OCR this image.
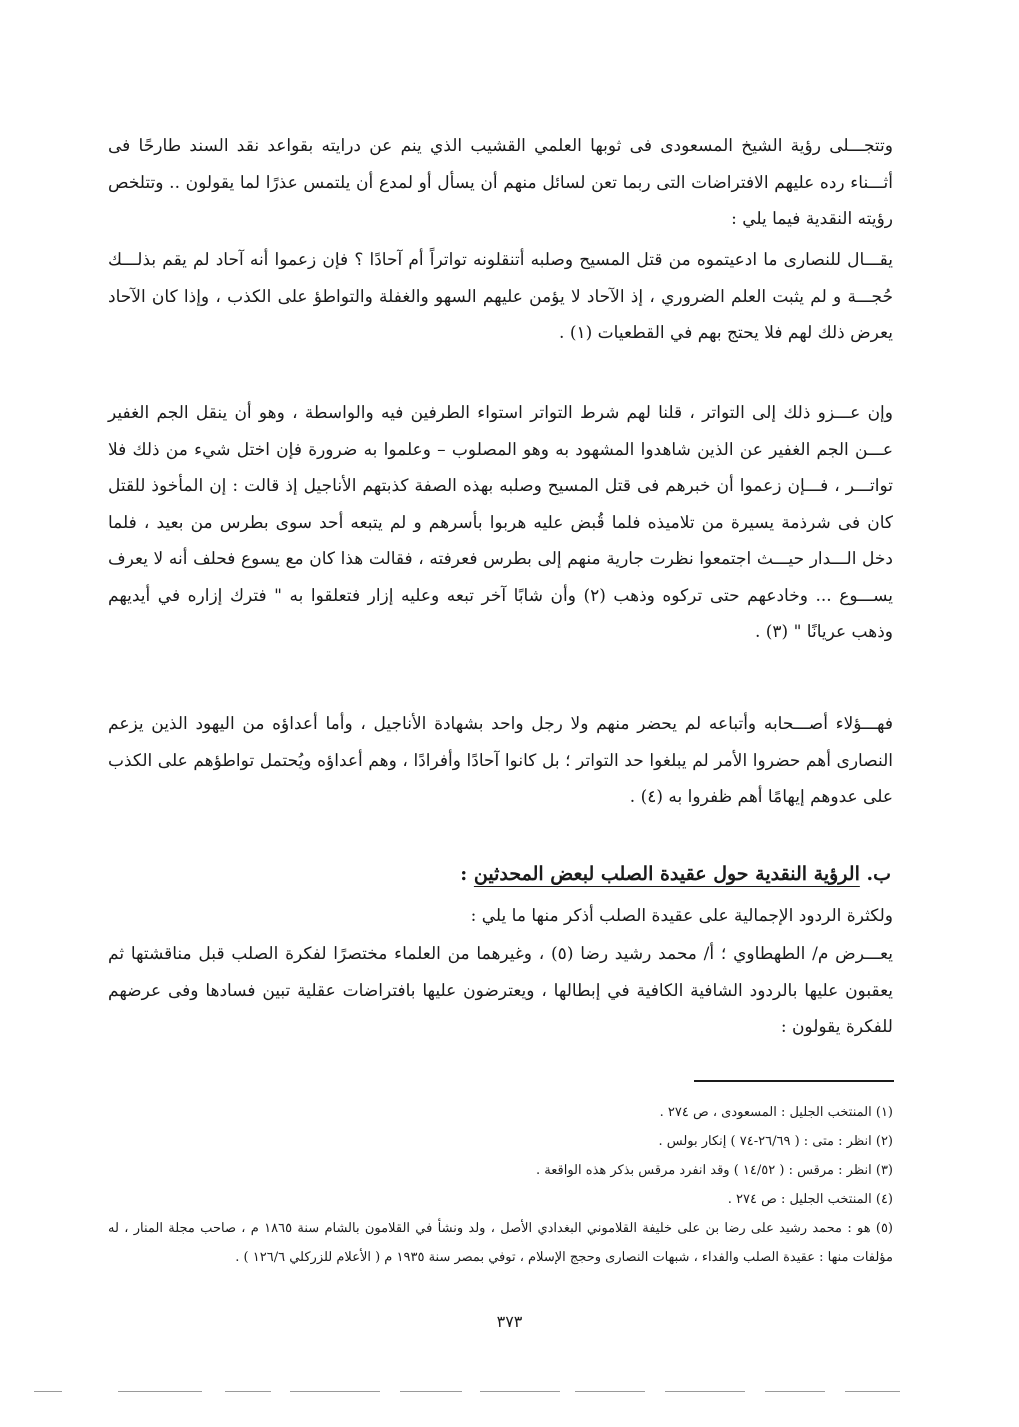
وتتجـــلى رؤية الشيخ المسعودى فى ثوبها العلمي القشيب الذي ينم عن درايته بقواعد نقد السند طارحًا فى أثـــناء رده عليهم الافتراضات التى ربما تعن لسائل منهم أن يسأل أو لمدع أن يلتمس عذرًا لما يقولون .. وتتلخص رؤيته النقدية فيما يلي :

يقـــال للنصارى ما ادعيتموه من قتل المسيح وصلبه أتنقلونه تواتراً أم آحادًا ؟ فإن زعموا أنه آحاد لم يقم بذلـــك حُجـــة و لم يثبت العلم الضروري ، إذ الآحاد لا يؤمن عليهم السهو والغفلة والتواطؤ على الكذب ، وإذا كان الآحاد يعرض ذلك لهم فلا يحتج بهم في القطعيات (١) .

وإن عـــزو ذلك إلى التواتر ، قلنا لهم شرط التواتر استواء الطرفين فيه والواسطة ، وهو أن ينقل الجم الغفير عـــن الجم الغفير عن الذين شاهدوا المشهود به وهو المصلوب – وعلموا به ضرورة فإن اختل شيء من ذلك فلا تواتـــر ، فـــإن زعموا أن خبرهم فى قتل المسيح وصلبه بهذه الصفة كذبتهم الأناجيل إذ قالت : إن المأخوذ للقتل كان فى شرذمة يسيرة من تلاميذه فلما قُبض عليه هربوا بأسرهم و لم يتبعه أحد سوى بطرس من بعيد ، فلما دخل الـــدار حيـــث اجتمعوا نظرت جارية منهم إلى بطرس فعرفته ، فقالت هذا كان مع يسوع فحلف أنه لا يعرف يســـوع ... وخادعهم حتى تركوه وذهب (٢) وأن شابًا آخر تبعه وعليه إزار فتعلقوا به " فترك إزاره في أيديهم وذهب عريانًا " (٣) .

فهـــؤلاء أصـــحابه وأتباعه لم يحضر منهم ولا رجل واحد بشهادة الأناجيل ، وأما أعداؤه من اليهود الذين يزعم النصارى أهم حضروا الأمر لم يبلغوا حد التواتر ؛ بل كانوا آحادًا وأفرادًا ، وهم أعداؤه ويُحتمل تواطؤهم على الكذب على عدوهم إيهامًا أهم ظفروا به (٤) .

ب. الرؤية النقدية حول عقيدة الصلب لبعض المحدثين :

ولكثرة الردود الإجمالية على عقيدة الصلب أذكر منها ما يلي :

يعـــرض م/ الطهطاوي ؛ أ/ محمد رشيد رضا (٥) ، وغيرهما من العلماء مختصرًا لفكرة الصلب قبل مناقشتها ثم يعقبون عليها بالردود الشافية الكافية في إبطالها ، ويعترضون عليها بافتراضات عقلية تبين فسادها وفى عرضهم للفكرة يقولون :

(١) المنتخب الجليل : المسعودى ، ص ٢٧٤ .
(٢) انظر : متى : ( ٢٦/٦٩-٧٤ ) إنكار بولس .
(٣) انظر : مرقس : ( ١٤/٥٢ ) وقد انفرد مرقس بذكر هذه الواقعة .
(٤) المنتخب الجليل : ص ٢٧٤ .
(٥) هو : محمد رشيد على رضا بن على خليفة القلاموني البغدادي الأصل ، ولد ونشأ في القلامون بالشام سنة ١٨٦٥ م ، صاحب مجلة المنار ، له مؤلفات منها : عقيدة الصلب والفداء ، شبهات النصارى وحجج الإسلام ، توفي بمصر سنة ١٩٣٥ م ( الأعلام للزركلي ١٢٦/٦ ) .
٣٧٣
